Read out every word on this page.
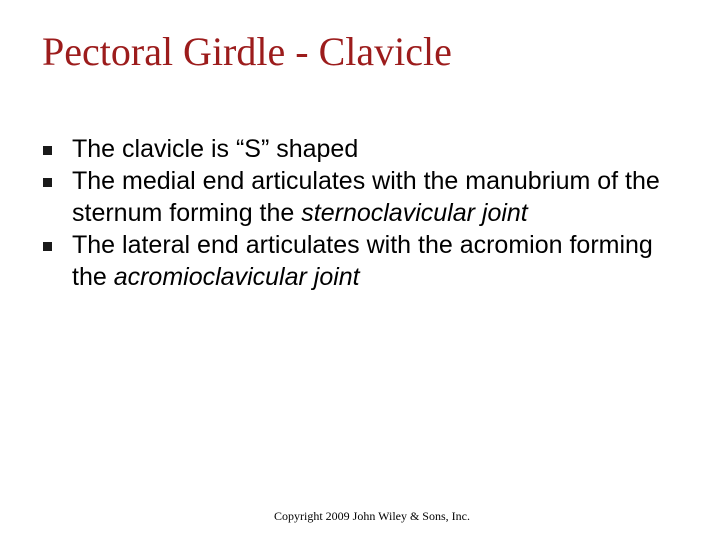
Pectoral Girdle - Clavicle
The clavicle is “S” shaped
The medial end articulates with the manubrium of the sternum forming the sternoclavicular joint
The lateral end articulates with the acromion forming the acromioclavicular joint
Copyright 2009 John Wiley & Sons, Inc.
